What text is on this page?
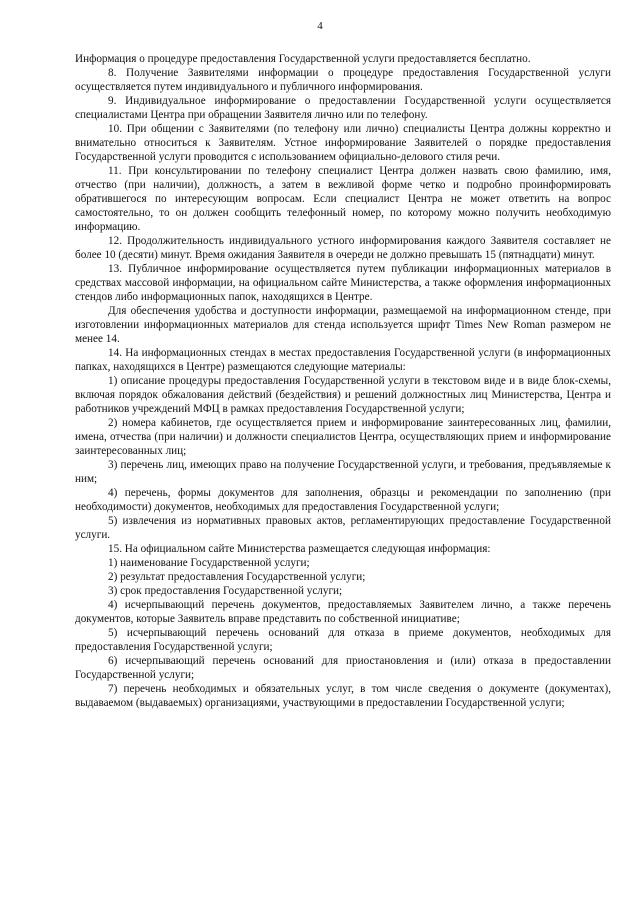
4

Информация о процедуре предоставления Государственной услуги предоставляется бесплатно.

8. Получение Заявителями информации о процедуре предоставления Государственной услуги осуществляется путем индивидуального и публичного информирования.

9. Индивидуальное информирование о предоставлении Государственной услуги осуществляется специалистами Центра при обращении Заявителя лично или по телефону.

10. При общении с Заявителями (по телефону или лично) специалисты Центра должны корректно и внимательно относиться к Заявителям. Устное информирование Заявителей о порядке предоставления Государственной услуги проводится с использованием официально-делового стиля речи.

11. При консультировании по телефону специалист Центра должен назвать свою фамилию, имя, отчество (при наличии), должность, а затем в вежливой форме четко и подробно проинформировать обратившегося по интересующим вопросам. Если специалист Центра не может ответить на вопрос самостоятельно, то он должен сообщить телефонный номер, по которому можно получить необходимую информацию.

12. Продолжительность индивидуального устного информирования каждого Заявителя составляет не более 10 (десяти) минут. Время ожидания Заявителя в очереди не должно превышать 15 (пятнадцати) минут.

13. Публичное информирование осуществляется путем публикации информационных материалов в средствах массовой информации, на официальном сайте Министерства, а также оформления информационных стендов либо информационных папок, находящихся в Центре.

Для обеспечения удобства и доступности информации, размещаемой на информационном стенде, при изготовлении информационных материалов для стенда используется шрифт Times New Roman размером не менее 14.

14. На информационных стендах в местах предоставления Государственной услуги (в информационных папках, находящихся в Центре) размещаются следующие материалы:

1) описание процедуры предоставления Государственной услуги в текстовом виде и в виде блок-схемы, включая порядок обжалования действий (бездействия) и решений должностных лиц Министерства, Центра и работников учреждений МФЦ в рамках предоставления Государственной услуги;

2) номера кабинетов, где осуществляется прием и информирование заинтересованных лиц, фамилии, имена, отчества (при наличии) и должности специалистов Центра, осуществляющих прием и информирование заинтересованных лиц;

3) перечень лиц, имеющих право на получение Государственной услуги, и требования, предъявляемые к ним;

4) перечень, формы документов для заполнения, образцы и рекомендации по заполнению (при необходимости) документов, необходимых для предоставления Государственной услуги;

5) извлечения из нормативных правовых актов, регламентирующих предоставление Государственной услуги.

15. На официальном сайте Министерства размещается следующая информация:

1) наименование Государственной услуги;

2) результат предоставления Государственной услуги;

3) срок предоставления Государственной услуги;

4) исчерпывающий перечень документов, предоставляемых Заявителем лично, а также перечень документов, которые Заявитель вправе представить по собственной инициативе;

5) исчерпывающий перечень оснований для отказа в приеме документов, необходимых для предоставления Государственной услуги;

6) исчерпывающий перечень оснований для приостановления и (или) отказа в предоставлении Государственной услуги;

7) перечень необходимых и обязательных услуг, в том числе сведения о документе (документах), выдаваемом (выдаваемых) организациями, участвующими в предоставлении Государственной услуги;
